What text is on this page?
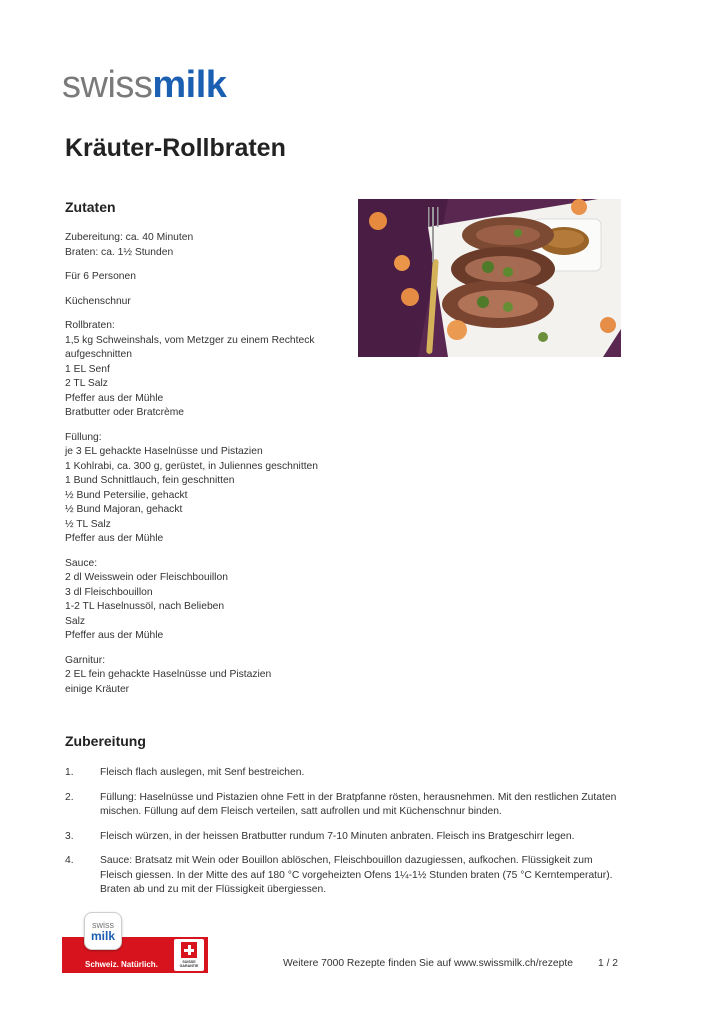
swissmilk
Kräuter-Rollbraten
Zutaten
Zubereitung: ca. 40 Minuten
Braten: ca. 1½ Stunden
Für 6 Personen
Küchenschnur
Rollbraten:
1,5 kg Schweinshals, vom Metzger zu einem Rechteck
aufgeschnitten
1 EL Senf
2 TL Salz
Pfeffer aus der Mühle
Bratbutter oder Bratcrème
Füllung:
je 3 EL gehackte Haselnüsse und Pistazien
1 Kohlrabi, ca. 300 g, gerüstet, in Juliennes geschnitten
1 Bund Schnittlauch, fein geschnitten
½ Bund Petersilie, gehackt
½ Bund Majoran, gehackt
½ TL Salz
Pfeffer aus der Mühle
Sauce:
2 dl Weisswein oder Fleischbouillon
3 dl Fleischbouillon
1-2 TL Haselnussöl, nach Belieben
Salz
Pfeffer aus der Mühle
Garnitur:
2 EL fein gehackte Haselnüsse und Pistazien
einige Kräuter
Zubereitung
1.	Fleisch flach auslegen, mit Senf bestreichen.
2.	Füllung: Haselnüsse und Pistazien ohne Fett in der Bratpfanne rösten, herausnehmen. Mit den restlichen Zutaten mischen. Füllung auf dem Fleisch verteilen, satt aufrollen und mit Küchenschnur binden.
3.	Fleisch würzen, in der heissen Bratbutter rundum 7-10 Minuten anbraten. Fleisch ins Bratgeschirr legen.
4.	Sauce: Bratsatz mit Wein oder Bouillon ablöschen, Fleischbouillon dazugiessen, aufkochen. Flüssigkeit zum Fleisch giessen. In der Mitte des auf 180 °C vorgeheizten Ofens 1¼-1½ Stunden braten (75 °C Kerntemperatur). Braten ab und zu mit der Flüssigkeit übergiessen.
Schweiz. Natürlich.	SUISSE
GARANTIE
swiss
milk
Weitere 7000 Rezepte finden Sie auf www.swissmilk.ch/rezepte 1 / 2
